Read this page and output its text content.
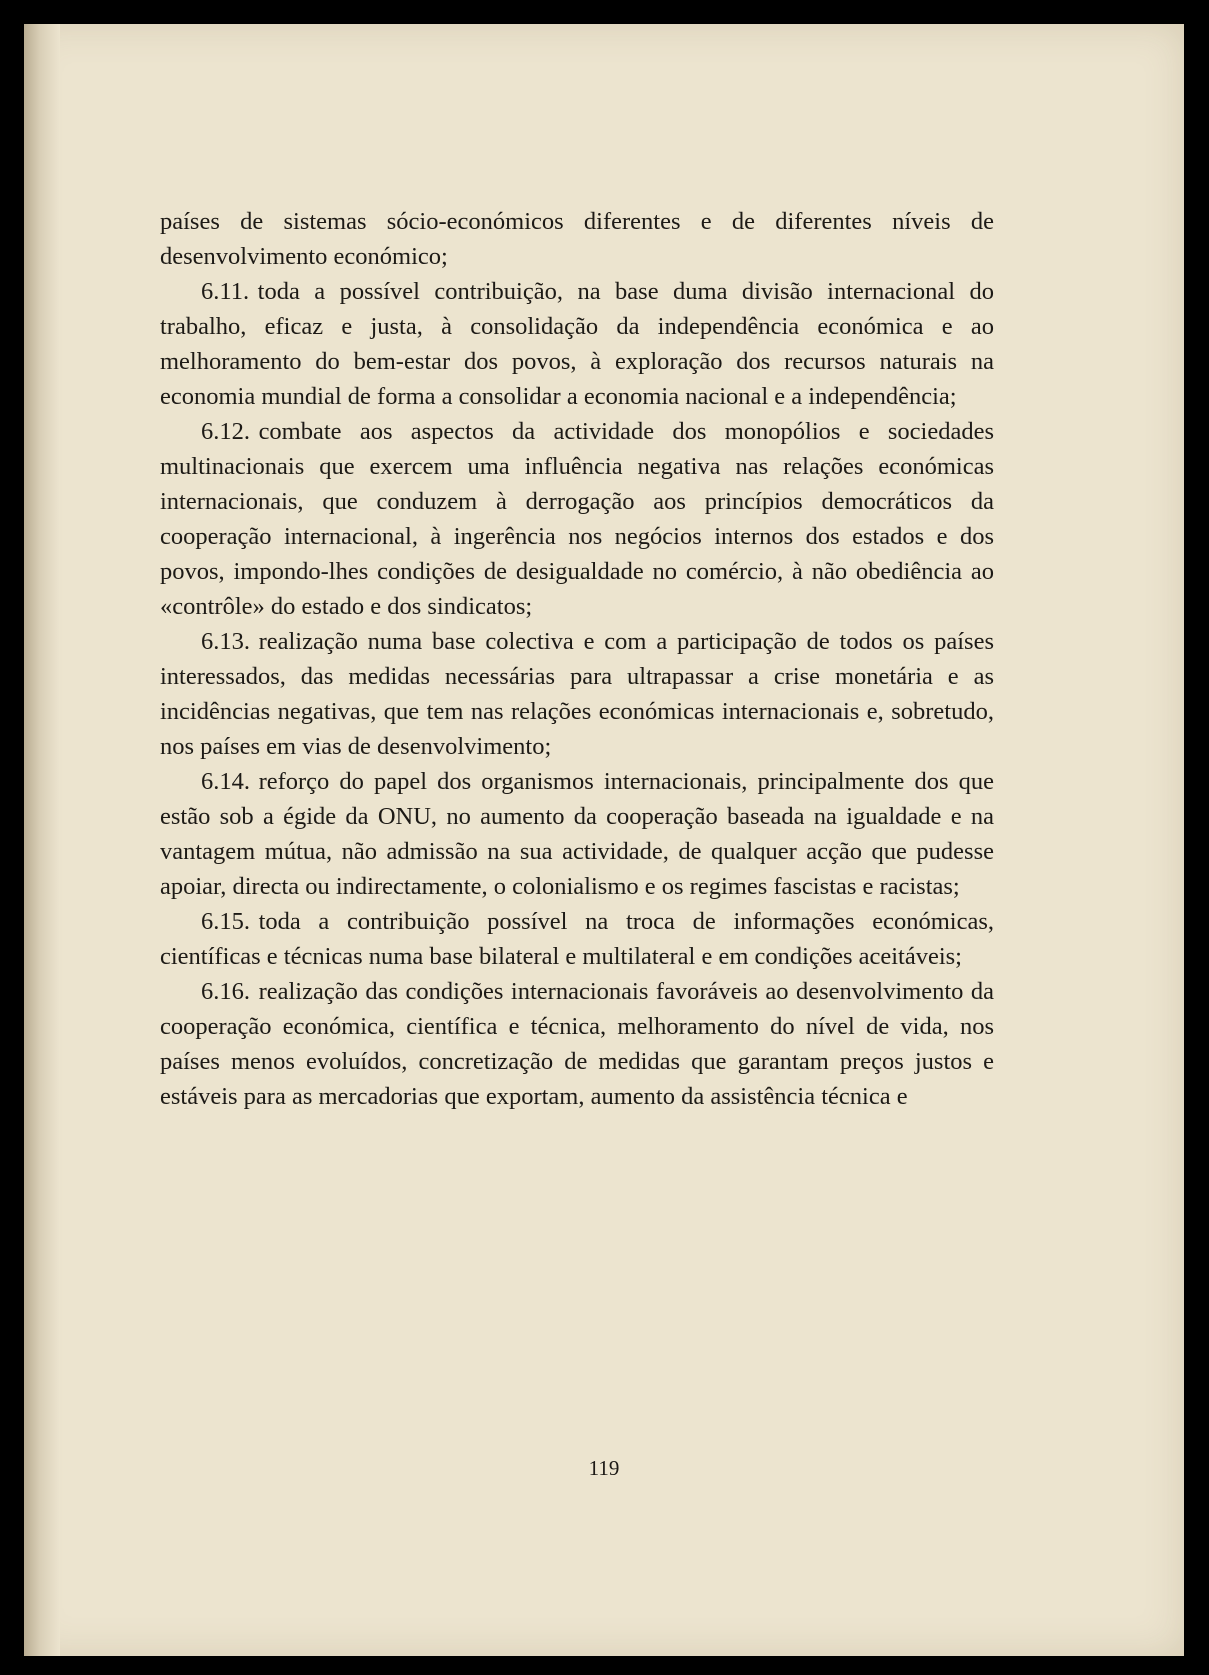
países de sistemas sócio-económicos diferentes e de diferentes níveis de desenvolvimento económico;

6.11. toda a possível contribuição, na base duma divisão internacional do trabalho, eficaz e justa, à consolidação da independência económica e ao melhoramento do bem-estar dos povos, à exploração dos recursos naturais na economia mundial de forma a consolidar a economia nacional e a independência;

6.12. combate aos aspectos da actividade dos monopólios e sociedades multinacionais que exercem uma influência negativa nas relações económicas internacionais, que conduzem à derrogação aos princípios democráticos da cooperação internacional, à ingerência nos negócios internos dos estados e dos povos, impondo-lhes condições de desigualdade no comércio, à não obediência ao «contrôle» do estado e dos sindicatos;

6.13. realização numa base colectiva e com a participação de todos os países interessados, das medidas necessárias para ultrapassar a crise monetária e as incidências negativas, que tem nas relações económicas internacionais e, sobretudo, nos países em vias de desenvolvimento;

6.14. reforço do papel dos organismos internacionais, principalmente dos que estão sob a égide da ONU, no aumento da cooperação baseada na igualdade e na vantagem mútua, não admissão na sua actividade, de qualquer acção que pudesse apoiar, directa ou indirectamente, o colonialismo e os regimes fascistas e racistas;

6.15. toda a contribuição possível na troca de informações económicas, científicas e técnicas numa base bilateral e multilateral e em condições aceitáveis;

6.16. realização das condições internacionais favoráveis ao desenvolvimento da cooperação económica, científica e técnica, melhoramento do nível de vida, nos países menos evoluídos, concretização de medidas que garantam preços justos e estáveis para as mercadorias que exportam, aumento da assistência técnica e

119
